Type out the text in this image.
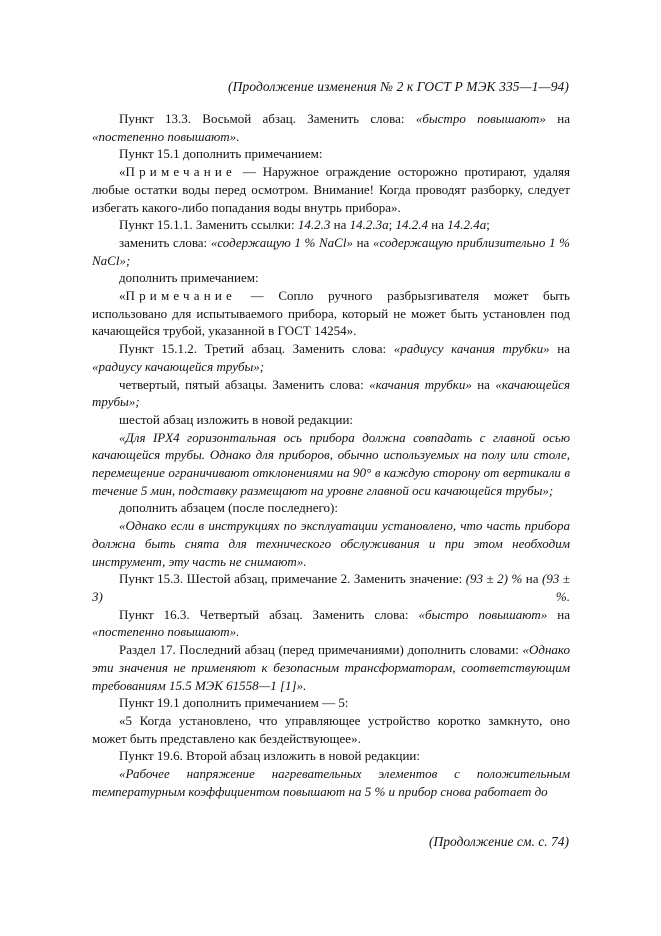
(Продолжение изменения № 2 к ГОСТ Р МЭК 335—1—94)

Пункт 13.3. Восьмой абзац. Заменить слова: «быстро повышают» на «постепенно повышают».

Пункт 15.1 дополнить примечанием:

«Примечание — Наружное ограждение осторожно протирают, удаляя любые остатки воды перед осмотром. Внимание! Когда проводят разборку, следует избегать какого-либо попадания воды внутрь прибора».

Пункт 15.1.1. Заменить ссылки: 14.2.3 на 14.2.3а; 14.2.4 на 14.2.4а;

заменить слова: «содержащую 1 % NaCl» на «содержащую приблизительно 1 % NaCl»;

дополнить примечанием:

«Примечание — Сопло ручного разбрызгивателя может быть использовано для испытываемого прибора, который не может быть установлен под качающейся трубой, указанной в ГОСТ 14254».

Пункт 15.1.2. Третий абзац. Заменить слова: «радиусу качания трубки» на «радиусу качающейся трубы»;

четвертый, пятый абзацы. Заменить слова: «качания трубки» на «качающейся трубы»;

шестой абзац изложить в новой редакции:

«Для IPX4 горизонтальная ось прибора должна совпадать с главной осью качающейся трубы. Однако для приборов, обычно используемых на полу или столе, перемещение ограничивают отклонениями на 90° в каждую сторону от вертикали в течение 5 мин, подставку размещают на уровне главной оси качающейся трубы»;

дополнить абзацем (после последнего):

«Однако если в инструкциях по эксплуатации установлено, что часть прибора должна быть снята для технического обслуживания и при этом необходим инструмент, эту часть не снимают».

Пункт 15.3. Шестой абзац, примечание 2. Заменить значение: (93 ± 2) % на (93 ± 3) %.

Пункт 16.3. Четвертый абзац. Заменить слова: «быстро повышают» на «постепенно повышают».

Раздел 17. Последний абзац (перед примечаниями) дополнить словами: «Однако эти значения не применяют к безопасным трансформаторам, соответствующим требованиям 15.5 МЭК 61558—1 [1]».

Пункт 19.1 дополнить примечанием — 5:

«5 Когда установлено, что управляющее устройство коротко замкнуто, оно может быть представлено как бездействующее».

Пункт 19.6. Второй абзац изложить в новой редакции:

«Рабочее напряжение нагревательных элементов с положительным температурным коэффициентом повышают на 5 % и прибор снова работает до

(Продолжение см. с. 74)
